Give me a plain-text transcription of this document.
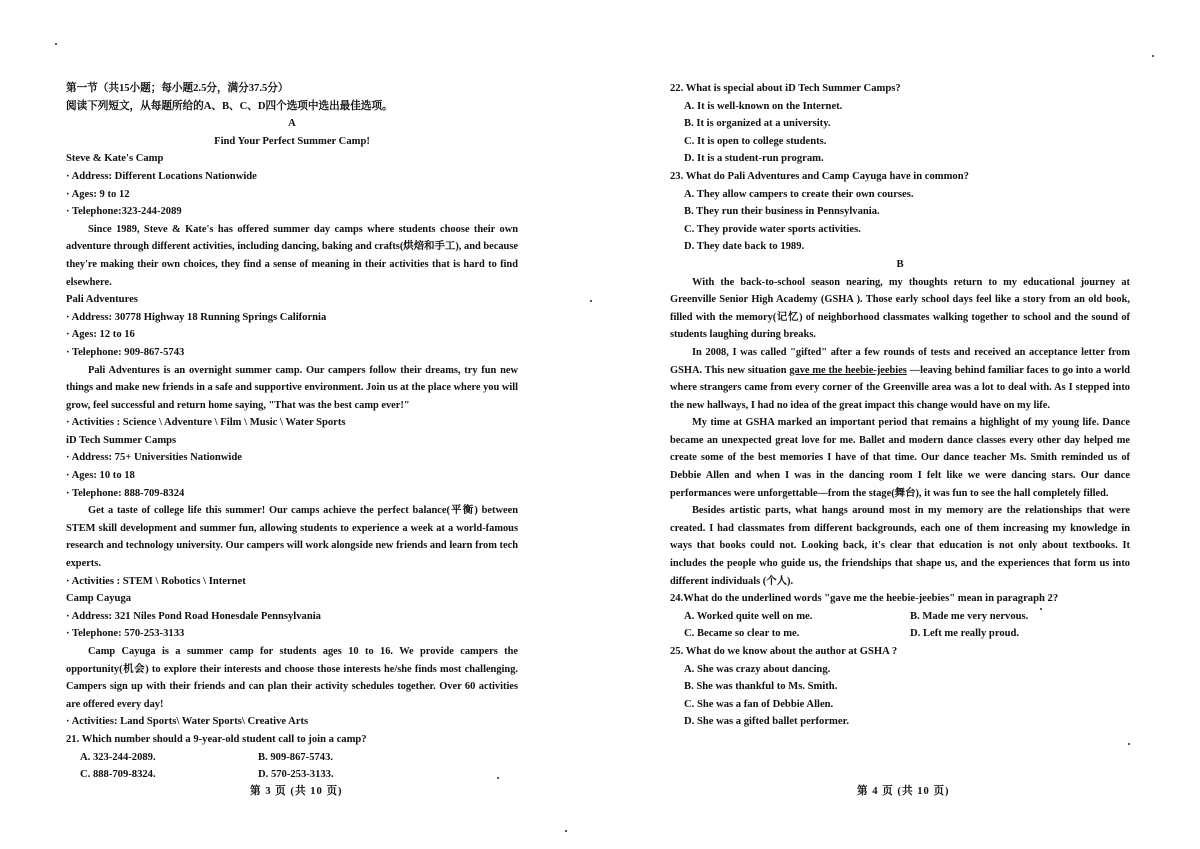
第一节（共15小题；每小题2.5分，满分37.5分）
阅读下列短文，从每题所给的A、B、C、D四个选项中选出最佳选项。
A
Find Your Perfect Summer Camp!
Steve & Kate's Camp
· Address: Different Locations Nationwide
· Ages: 9 to 12
· Telephone:323-244-2089
Since 1989, Steve & Kate's has offered summer day camps where students choose their own adventure through different activities, including dancing, baking and crafts(烘焙和手工), and because they're making their own choices, they find a sense of meaning in their activities that is hard to find elsewhere.
Pali Adventures
· Address: 30778 Highway 18 Running Springs California
· Ages: 12 to 16
· Telephone: 909-867-5743
Pali Adventures is an overnight summer camp. Our campers follow their dreams, try fun new things and make new friends in a safe and supportive environment. Join us at the place where you will grow, feel successful and return home saying, "That was the best camp ever!"
· Activities : Science \ Adventure \ Film \ Music \ Water Sports
iD Tech Summer Camps
· Address: 75+ Universities Nationwide
· Ages: 10 to 18
· Telephone: 888-709-8324
Get a taste of college life this summer! Our camps achieve the perfect balance(平衡) between STEM skill development and summer fun, allowing students to experience a week at a world-famous research and technology university. Our campers will work alongside new friends and learn from tech experts.
· Activities : STEM \ Robotics \ Internet
Camp Cayuga
· Address: 321 Niles Pond Road Honesdale Pennsylvania
· Telephone: 570-253-3133
Camp Cayuga is a summer camp for students ages 10 to 16. We provide campers the opportunity(机会) to explore their interests and choose those interests he/she finds most challenging. Campers sign up with their friends and can plan their activity schedules together. Over 60 activities are offered every day!
· Activities: Land Sports\ Water Sports\ Creative Arts
21. Which number should a 9-year-old student call to join a camp?
A. 323-244-2089.	B. 909-867-5743.
C. 888-709-8324.	D. 570-253-3133.
第 3 页 (共 10 页)
22. What is special about iD Tech Summer Camps?
A. It is well-known on the Internet.
B. It is organized at a university.
C. It is open to college students.
D. It is a student-run program.
23. What do Pali Adventures and Camp Cayuga have in common?
A. They allow campers to create their own courses.
B. They run their business in Pennsylvania.
C. They provide water sports activities.
D. They date back to 1989.
B
With the back-to-school season nearing, my thoughts return to my educational journey at Greenville Senior High Academy (GSHA ). Those early school days feel like a story from an old book, filled with the memory(记忆) of neighborhood classmates walking together to school and the sound of students laughing during breaks.
In 2008, I was called "gifted" after a few rounds of tests and received an acceptance letter from GSHA. This new situation gave me the heebie-jeebies —leaving behind familiar faces to go into a world where strangers came from every corner of the Greenville area was a lot to deal with. As I stepped into the new hallways, I had no idea of the great impact this change would have on my life.
My time at GSHA marked an important period that remains a highlight of my young life. Dance became an unexpected great love for me. Ballet and modern dance classes every other day helped me create some of the best memories I have of that time. Our dance teacher Ms. Smith reminded us of Debbie Allen and when I was in the dancing room I felt like we were dancing stars. Our dance performances were unforgettable—from the stage(舞台), it was fun to see the hall completely filled.
Besides artistic parts, what hangs around most in my memory are the relationships that were created. I had classmates from different backgrounds, each one of them increasing my knowledge in ways that books could not. Looking back, it's clear that education is not only about textbooks. It includes the people who guide us, the friendships that shape us, and the experiences that form us into different individuals (个人).
24.What do the underlined words "gave me the heebie-jeebies" mean in paragraph 2?
A. Worked quite well on me.	B. Made me very nervous.
C. Became so clear to me.	D. Left me really proud.
25. What do we know about the author at GSHA ?
A. She was crazy about dancing.
B. She was thankful to Ms. Smith.
C. She was a fan of Debbie Allen.
D. She was a gifted ballet performer.
第 4 页 (共 10 页)
